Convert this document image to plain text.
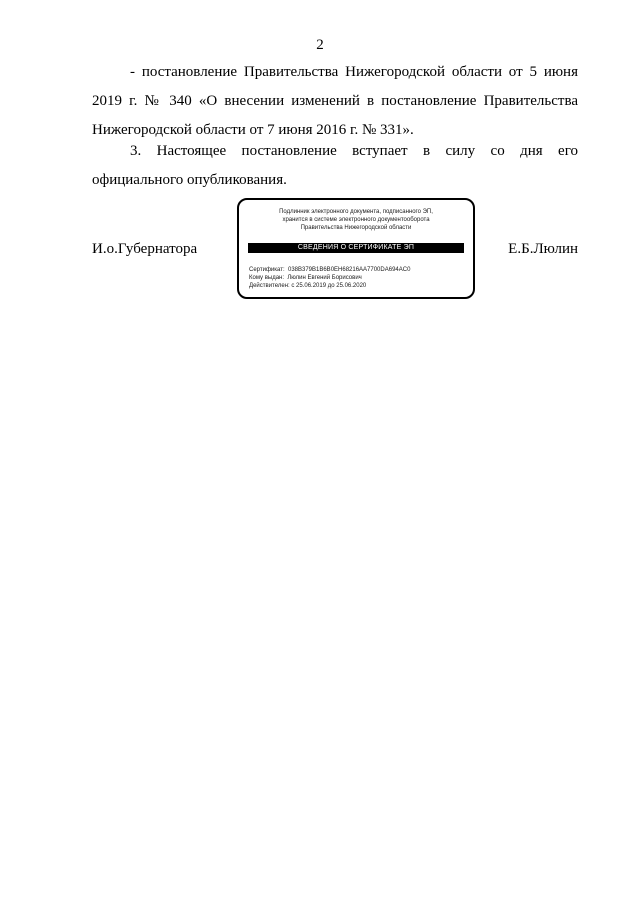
2

- постановление Правительства Нижегородской области от 5 июня 2019 г. № 340 «О внесении изменений в постановление Правительства Нижегородской области от 7 июня 2016 г. № 331».

3. Настоящее постановление вступает в силу со дня его официального опубликования.

И.о.Губернатора	Е.Б.Люлин
Подлинник электронного документа, подписанного ЭП,
хранится в системе электронного документооборота
Правительства Нижегородской области
СВЕДЕНИЯ О СЕРТИФИКАТЕ ЭП
Сертификат: 038B379B1B6B0EH68216AA7700DA694AC0
Кому выдан: Люлин Евгений Борисович
Действителен: с 25.06.2019 до 25.06.2020
